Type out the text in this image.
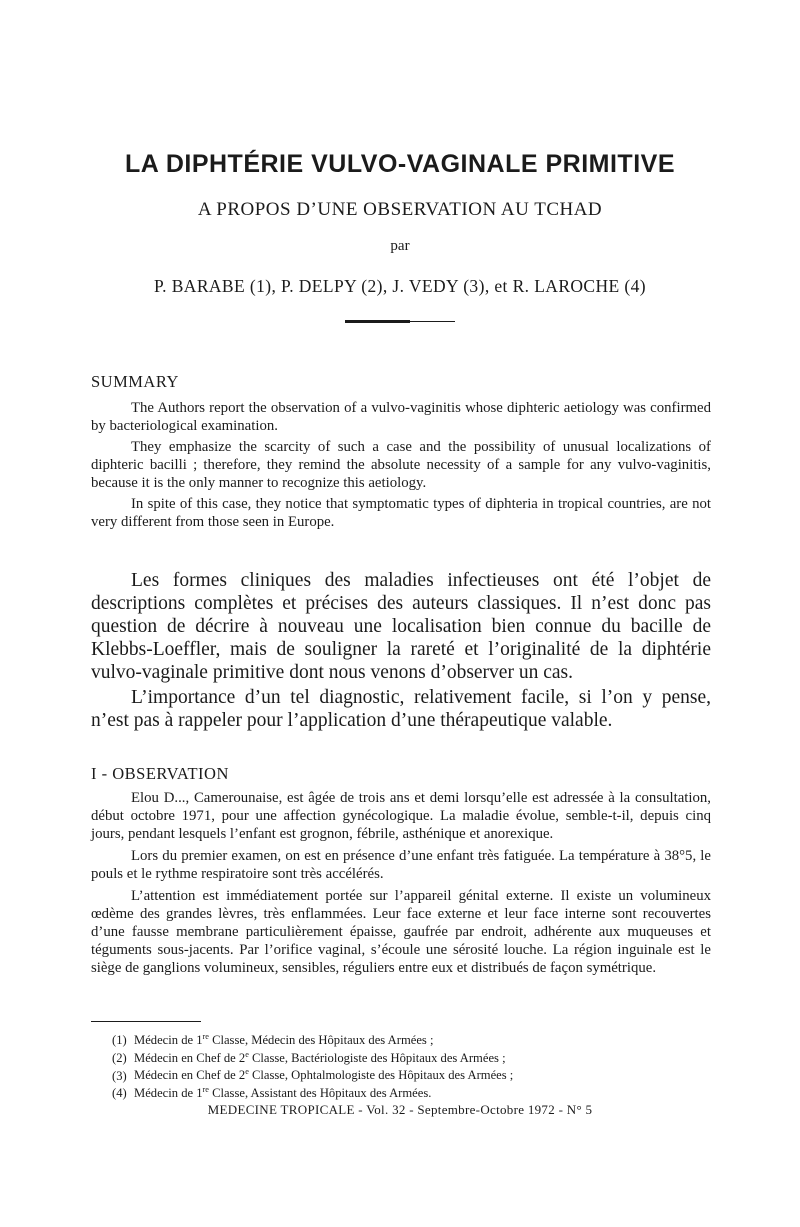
LA DIPHTÉRIE VULVO-VAGINALE PRIMITIVE
A PROPOS D’UNE OBSERVATION AU TCHAD
par
P. BARABE (1), P. DELPY (2), J. VEDY (3), et R. LAROCHE (4)
SUMMARY

The Authors report the observation of a vulvo-vaginitis whose diphteric aetiology was confirmed by bacteriological examination.

They emphasize the scarcity of such a case and the possibility of unusual localizations of diphteric bacilli ; therefore, they remind the absolute necessity of a sample for any vulvo-vaginitis, because it is the only manner to recognize this aetiology.

In spite of this case, they notice that symptomatic types of diphteria in tropical countries, are not very different from those seen in Europe.

Les formes cliniques des maladies infectieuses ont été l’objet de descriptions complètes et précises des auteurs classiques. Il n’est donc pas question de décrire à nouveau une localisation bien connue du bacille de Klebbs-Loeffler, mais de souligner la rareté et l’originalité de la diphtérie vulvo-vaginale primitive dont nous venons d’observer un cas.

L’importance d’un tel diagnostic, relativement facile, si l’on y pense, n’est pas à rappeler pour l’application d’une thérapeutique valable.

I - OBSERVATION

Elou D..., Camerounaise, est âgée de trois ans et demi lorsqu’elle est adressée à la consultation, début octobre 1971, pour une affection gynécologique. La maladie évolue, semble-t-il, depuis cinq jours, pendant lesquels l’enfant est grognon, fébrile, asthénique et anorexique.

Lors du premier examen, on est en présence d’une enfant très fatiguée. La température à 38°5, le pouls et le rythme respiratoire sont très accélérés.

L’attention est immédiatement portée sur l’appareil génital externe. Il existe un volumineux œdème des grandes lèvres, très enflammées. Leur face externe et leur face interne sont recouvertes d’une fausse membrane particulièrement épaisse, gaufrée par endroit, adhérente aux muqueuses et téguments sous-jacents. Par l’orifice vaginal, s’écoule une sérosité louche. La région inguinale est le siège de ganglions volumineux, sensibles, réguliers entre eux et distribués de façon symétrique.

(1) Médecin de 1re Classe, Médecin des Hôpitaux des Armées ;
(2) Médecin en Chef de 2e Classe, Bactériologiste des Hôpitaux des Armées ;
(3) Médecin en Chef de 2e Classe, Ophtalmologiste des Hôpitaux des Armées ;
(4) Médecin de 1re Classe, Assistant des Hôpitaux des Armées.
MEDECINE TROPICALE - Vol. 32 - Septembre-Octobre 1972 - N° 5
